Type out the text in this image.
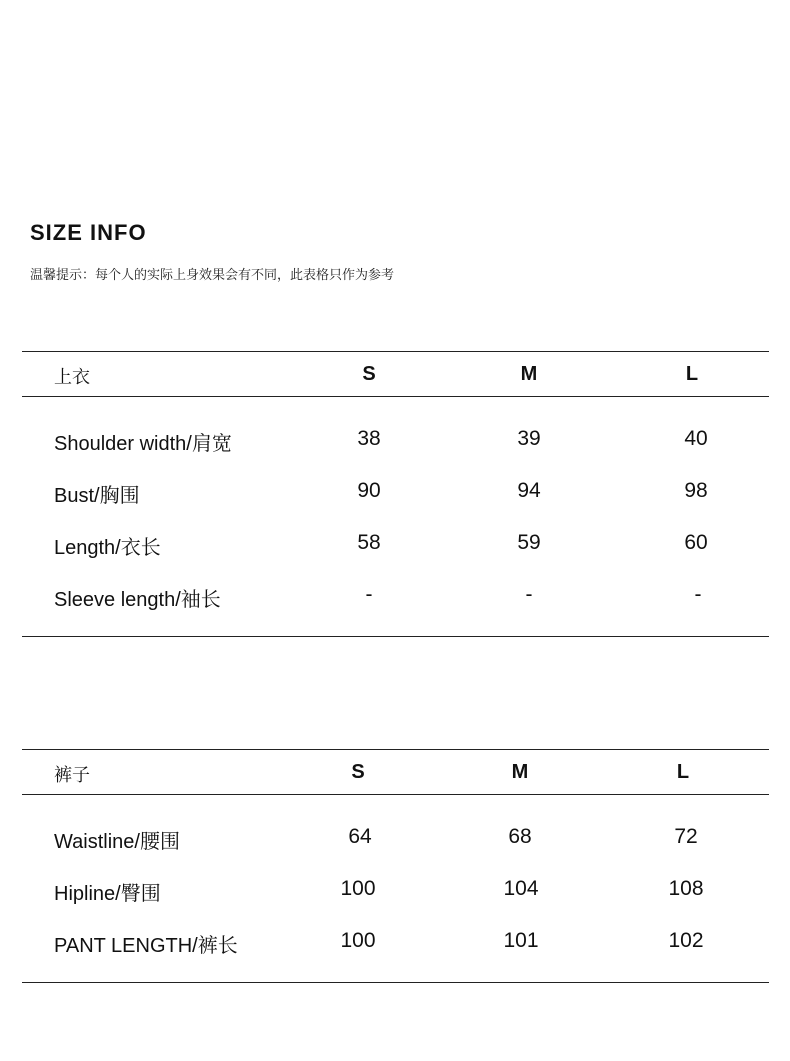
SIZE INFO

温馨提示：每个人的实际上身效果会有不同，此表格只作为参考

上衣	S	M	L
Shoulder width/肩宽	38	39	40
Bust/胸围	90	94	98
Length/衣长	58	59	60
Sleeve length/袖长	-	-	-
裤子	S	M	L
Waistline/腰围	64	68	72
Hipline/臀围	100	104	108
PANT LENGTH/裤长	100	101	102
